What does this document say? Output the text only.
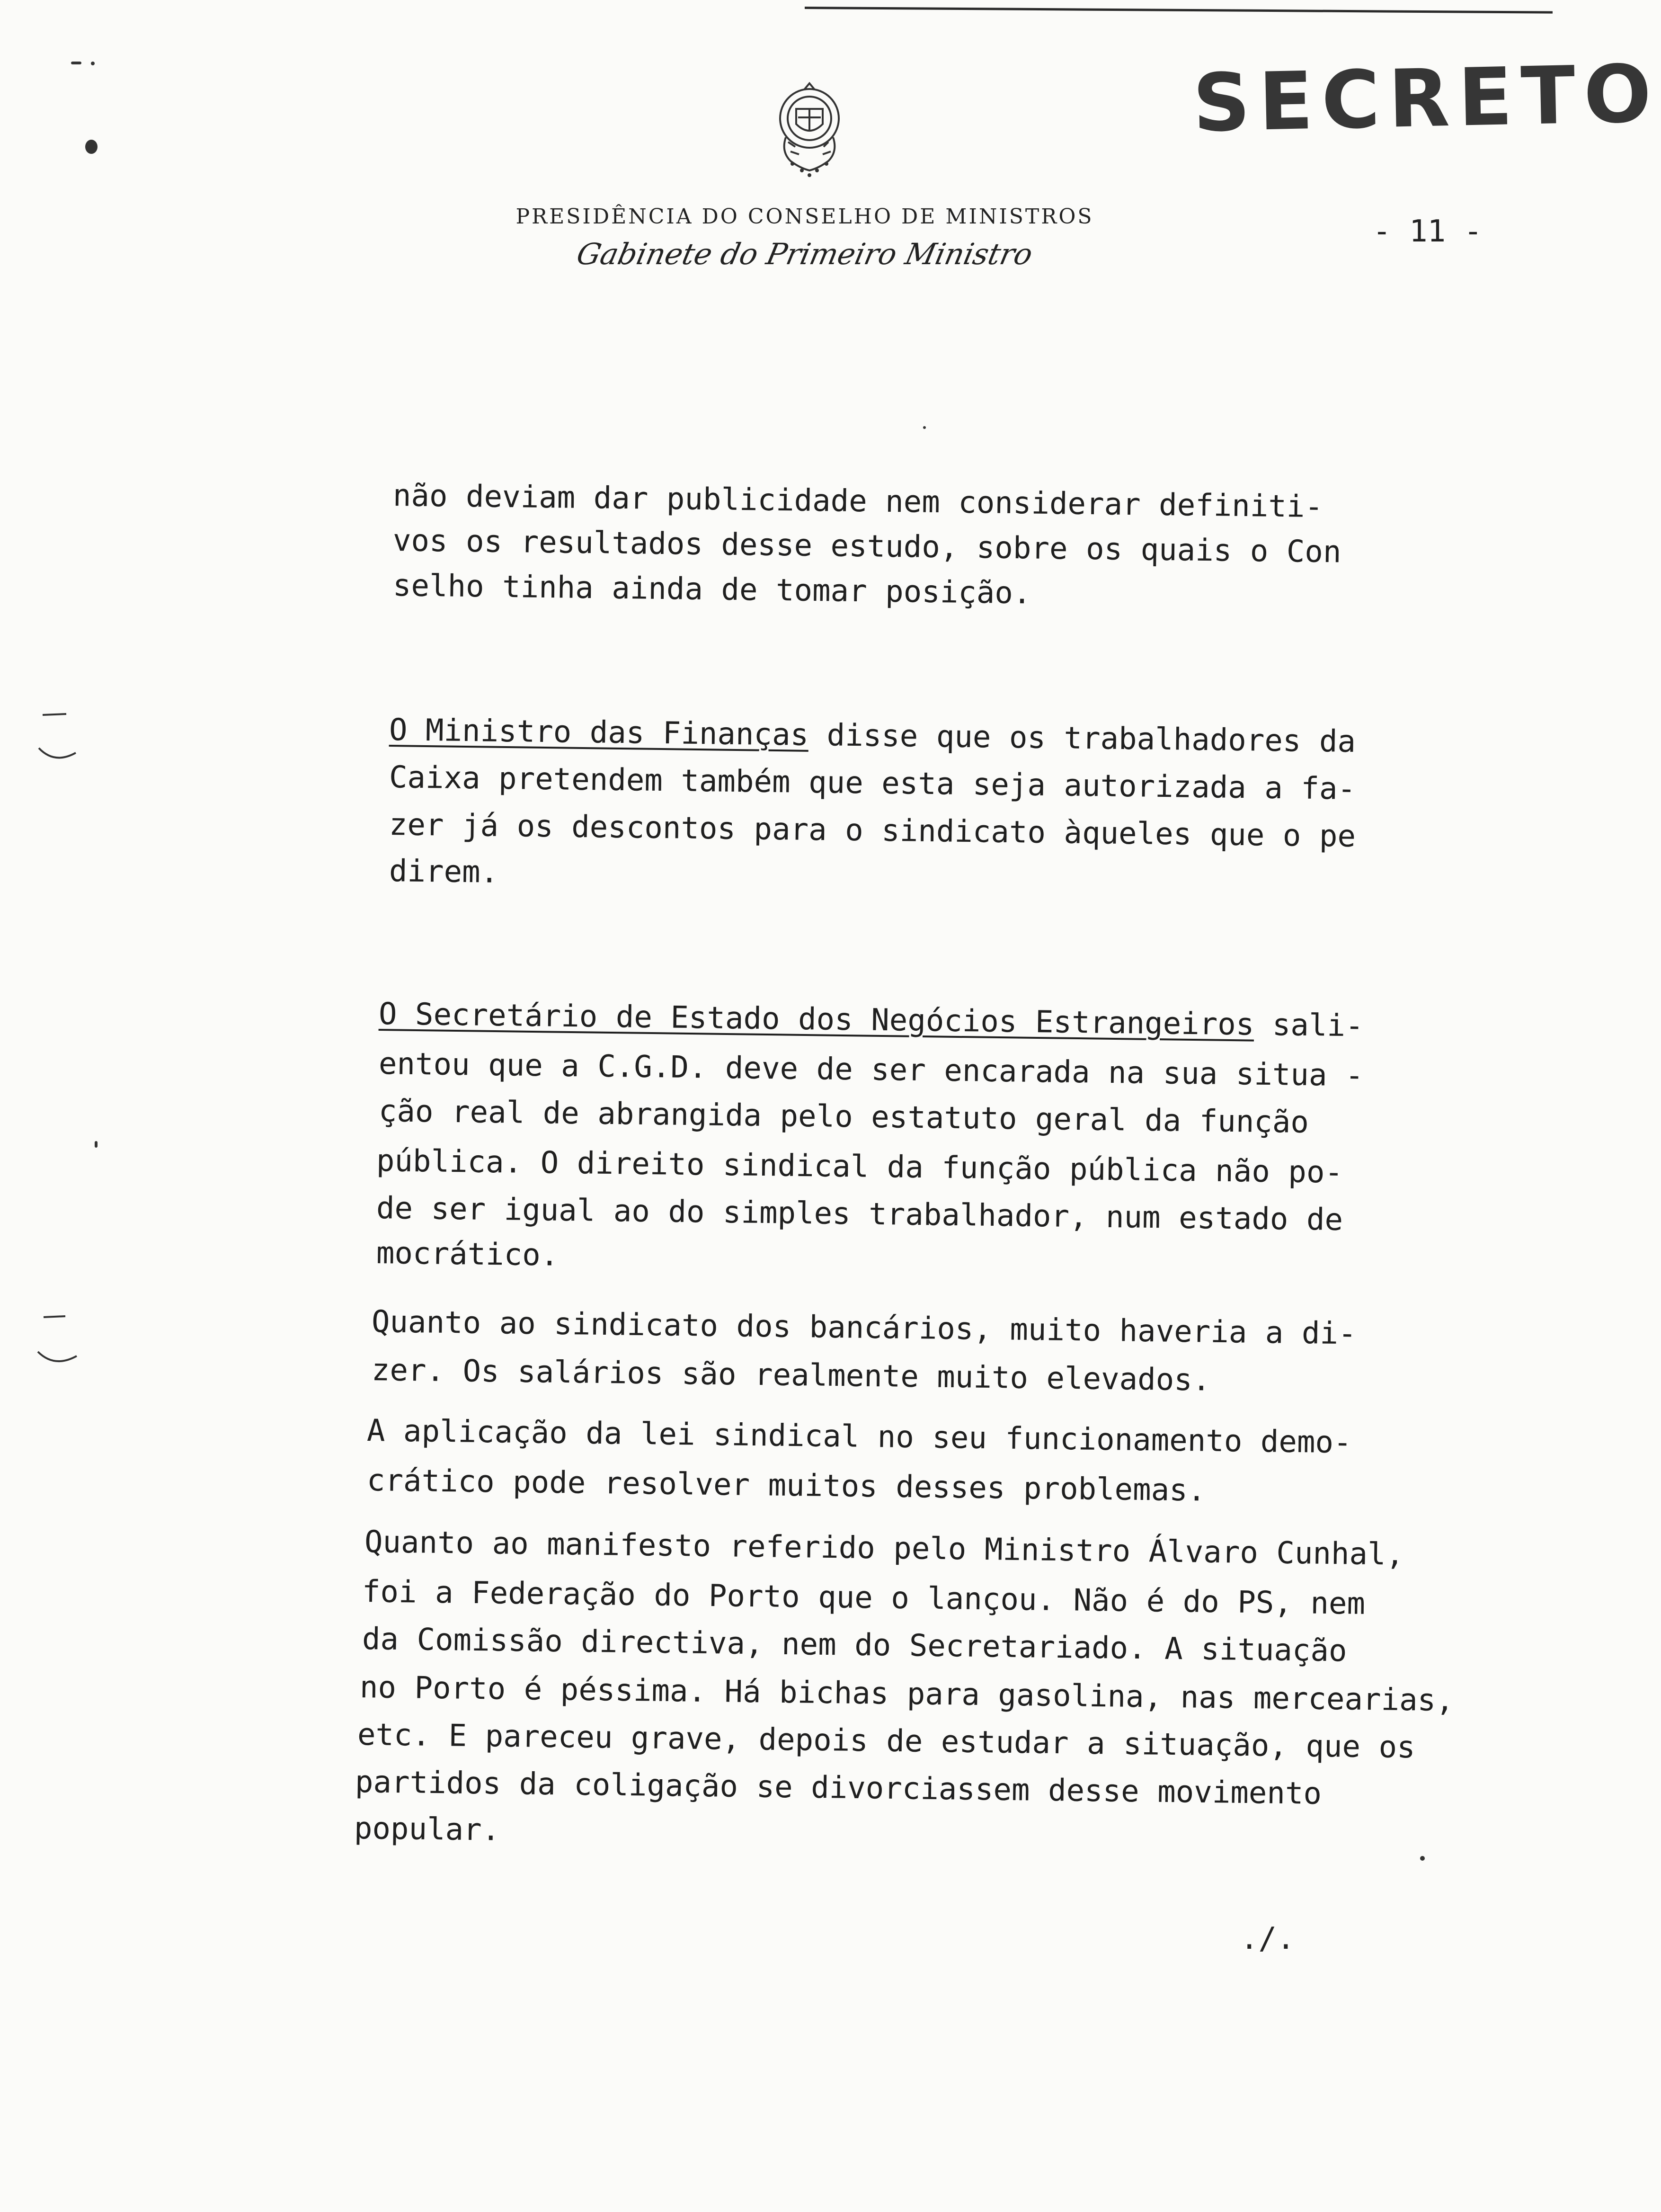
PRESIDÊNCIA DO CONSELHO DE MINISTROS
Gabinete do Primeiro Ministro
SECRETO
- 11 -
não deviam dar publicidade nem considerar definiti-
vos os resultados desse estudo, sobre os quais o Con
selho tinha ainda de tomar posição.
O Ministro das Finanças disse que os trabalhadores da
Caixa pretendem também que esta seja autorizada a fa-
zer já os descontos para o sindicato àqueles que o pe
direm.
O Secretário de Estado dos Negócios Estrangeiros sali-
entou que a C.G.D. deve de ser encarada na sua situa -
ção real de abrangida pelo estatuto geral da função
pública. O direito sindical da função pública não po-
de ser igual ao do simples trabalhador, num estado de
mocrático.
Quanto ao sindicato dos bancários, muito haveria a di-
zer. Os salários são realmente muito elevados.
A aplicação da lei sindical no seu funcionamento demo-
crático pode resolver muitos desses problemas.
Quanto ao manifesto referido pelo Ministro Álvaro Cunhal,
foi a Federação do Porto que o lançou. Não é do PS, nem
da Comissão directiva, nem do Secretariado. A situação
no Porto é péssima. Há bichas para gasolina, nas mercearias,
etc. E pareceu grave, depois de estudar a situação, que os
partidos da coligação se divorciassem desse movimento
popular.
./.
